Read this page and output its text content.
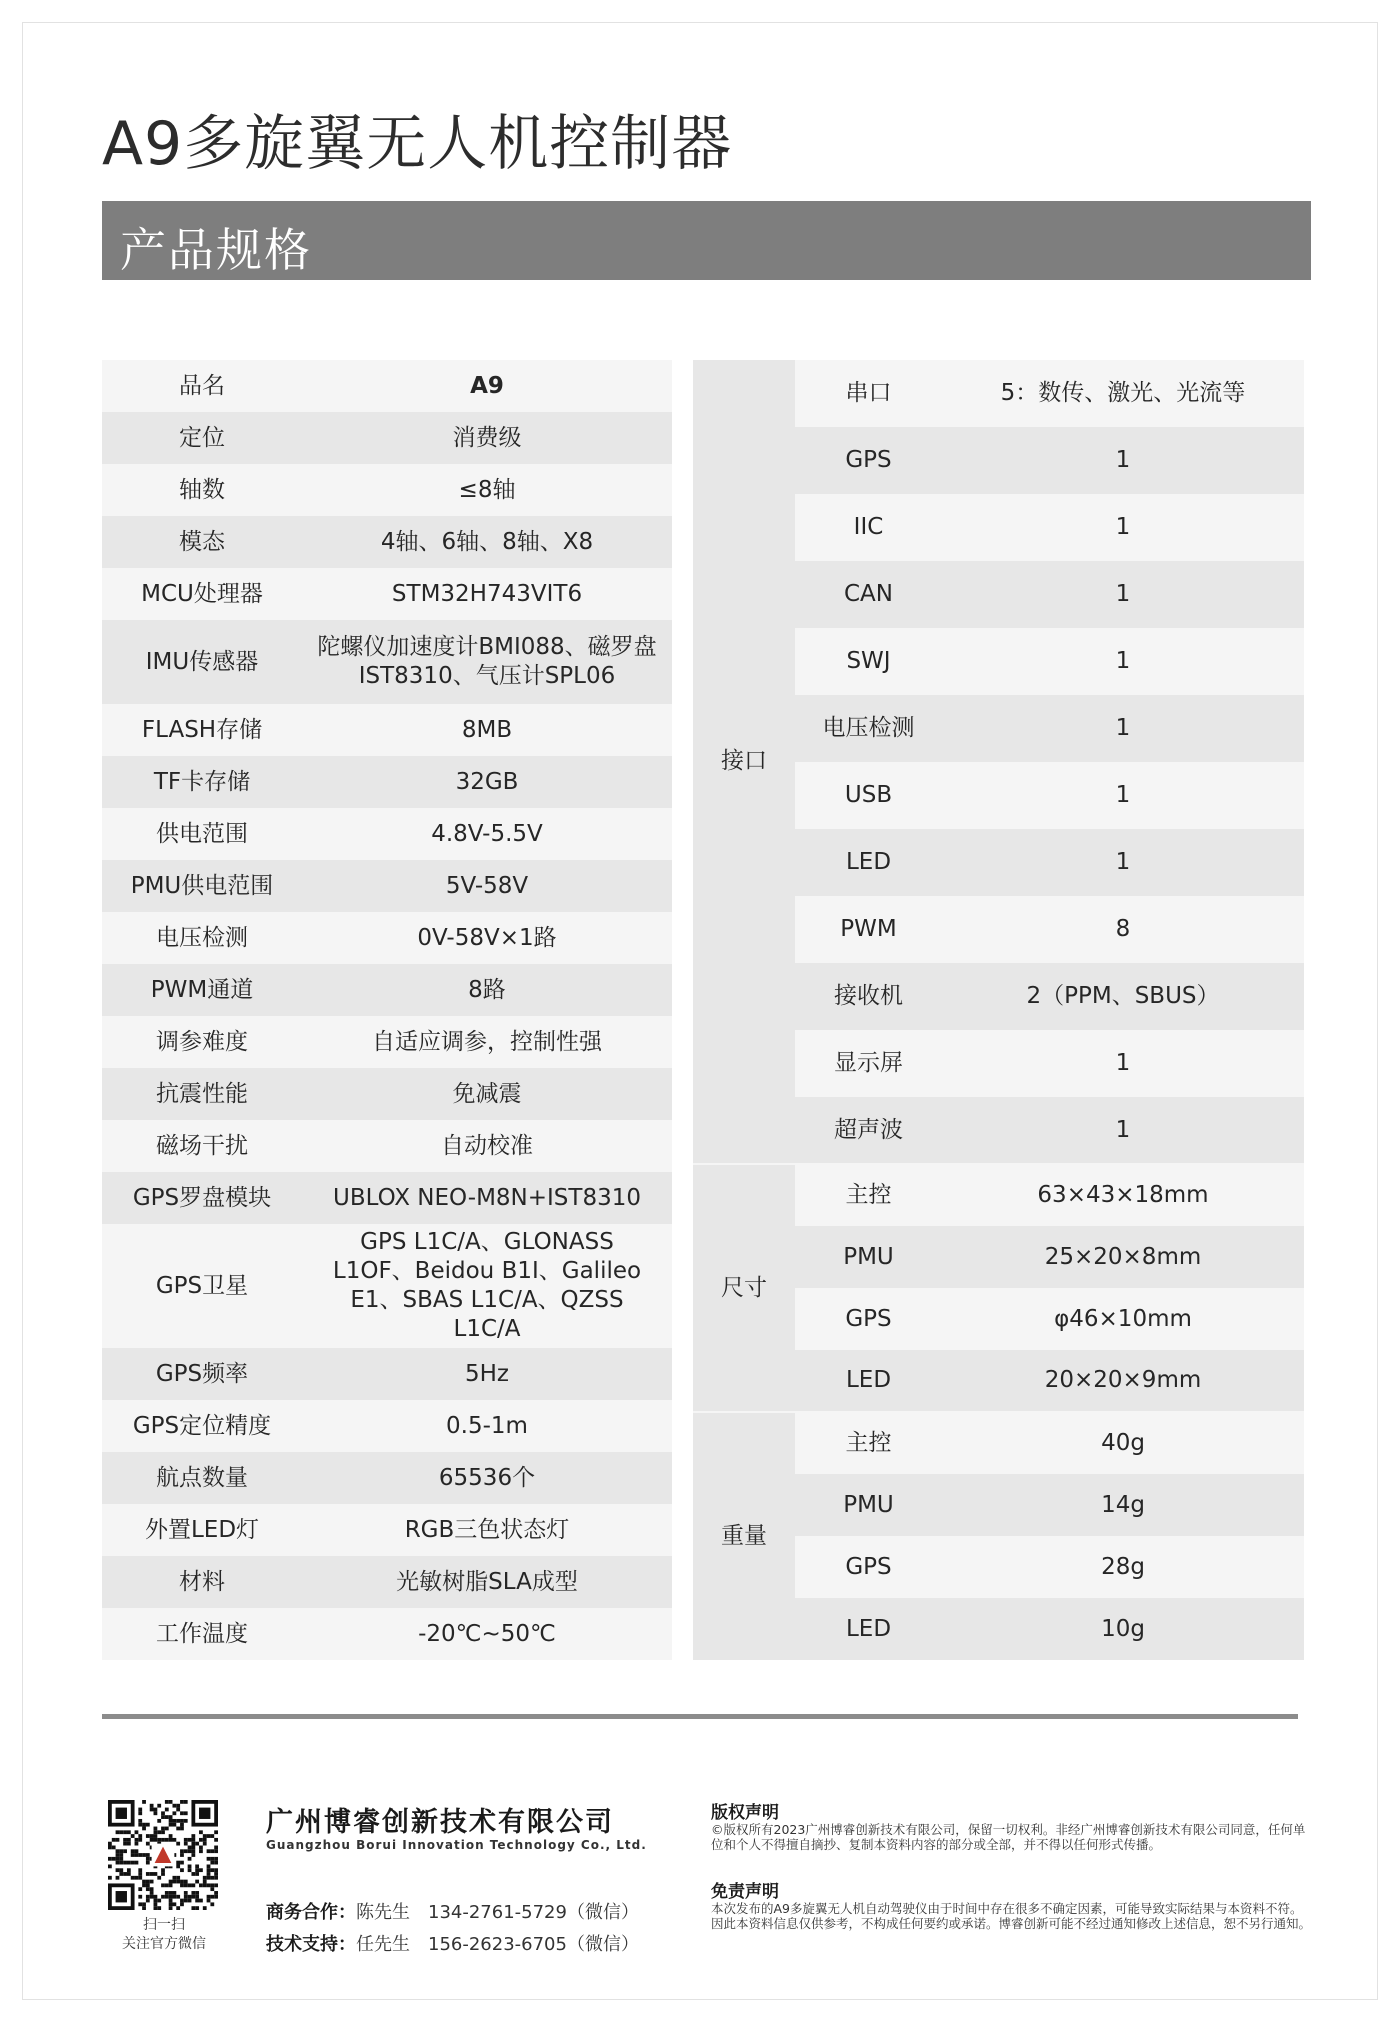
A9多旋翼无人机控制器
产品规格
品名	A9
定位	消费级
轴数	≤8轴
模态	4轴、6轴、8轴、X8
MCU处理器	STM32H743VIT6
IMU传感器	陀螺仪加速度计BMI088、磁罗盘IST8310、气压计SPL06
FLASH存储	8MB
TF卡存储	32GB
供电范围	4.8V-5.5V
PMU供电范围	5V-58V
电压检测	0V-58V×1路
PWM通道	8路
调参难度	自适应调参，控制性强
抗震性能	免减震
磁场干扰	自动校准
GPS罗盘模块	UBLOX NEO-M8N+IST8310
GPS卫星	GPS L1C/A、GLONASS L1OF、Beidou B1I、Galileo E1、SBAS L1C/A、QZSS L1C/A
GPS频率	5Hz
GPS定位精度	0.5-1m
航点数量	65536个
外置LED灯	RGB三色状态灯
材料	光敏树脂SLA成型
工作温度	-20℃~50℃
接口	串口	5：数传、激光、光流等
	GPS	1
	IIC	1
	CAN	1
	SWJ	1
	电压检测	1
	USB	1
	LED	1
	PWM	8
	接收机	2（PPM、SBUS）
	显示屏	1
	超声波	1
尺寸	主控	63×43×18mm
	PMU	25×20×8mm
	GPS	φ46×10mm
	LED	20×20×9mm
重量	主控	40g
	PMU	14g
	GPS	28g
	LED	10g
扫一扫
关注官方微信
广州博睿创新技术有限公司
Guangzhou Borui Innovation Technology Co., Ltd.
商务合作：陈先生　134-2761-5729（微信）
技术支持：任先生　156-2623-6705（微信）
版权声明
©版权所有2023广州博睿创新技术有限公司，保留一切权利。非经广州博睿创新技术有限公司同意，任何单位和个人不得擅自摘抄、复制本资料内容的部分或全部，并不得以任何形式传播。
免责声明
本次发布的A9多旋翼无人机自动驾驶仪由于时间中存在很多不确定因素，可能导致实际结果与本资料不符。因此本资料信息仅供参考，不构成任何要约或承诺。博睿创新可能不经过通知修改上述信息，恕不另行通知。
